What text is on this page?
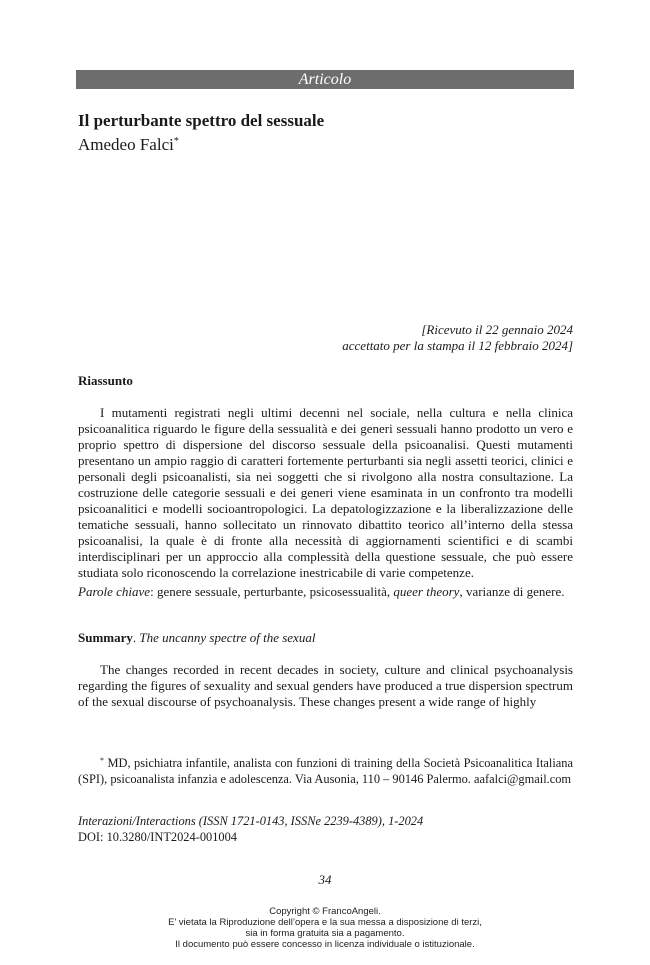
Articolo
Il perturbante spettro del sessuale
Amedeo Falci*
[Ricevuto il 22 gennaio 2024
accettato per la stampa il 12 febbraio 2024]
Riassunto

I mutamenti registrati negli ultimi decenni nel sociale, nella cultura e nella clinica psicoanalitica riguardo le figure della sessualità e dei generi sessuali hanno prodotto un vero e proprio spettro di dispersione del discorso sessuale della psicoanalisi. Questi mutamenti presentano un ampio raggio di caratteri fortemente perturbanti sia negli assetti teorici, clinici e personali degli psicoanalisti, sia nei soggetti che si rivolgono alla nostra consultazione. La costruzione delle categorie sessuali e dei generi viene esaminata in un confronto tra modelli psicoanalitici e modelli socioantropologici. La depatologizzazione e la liberalizzazione delle tematiche sessuali, hanno sollecitato un rinnovato dibattito teorico all’interno della stessa psicoanalisi, la quale è di fronte alla necessità di aggiornamenti scientifici e di scambi interdisciplinari per un approccio alla complessità della questione sessuale, che può essere studiata solo riconoscendo la correlazione inestricabile di varie competenze.

Parole chiave: genere sessuale, perturbante, psicosessualità, queer theory, varianze di genere.
Summary. The uncanny spectre of the sexual

The changes recorded in recent decades in society, culture and clinical psychoanalysis regarding the figures of sexuality and sexual genders have produced a true dispersion spectrum of the sexual discourse of psychoanalysis. These changes present a wide range of highly

* MD, psichiatra infantile, analista con funzioni di training della Società Psicoanalitica Italiana (SPI), psicoanalista infanzia e adolescenza. Via Ausonia, 110 – 90146 Palermo. aafalci@gmail.com
Interazioni/Interactions (ISSN 1721-0143, ISSNe 2239-4389), 1-2024
DOI: 10.3280/INT2024-001004
34
Copyright © FrancoAngeli.
E’ vietata la Riproduzione dell’opera e la sua messa a disposizione di terzi,
sia in forma gratuita sia a pagamento.
Il documento può essere concesso in licenza individuale o istituzionale.
